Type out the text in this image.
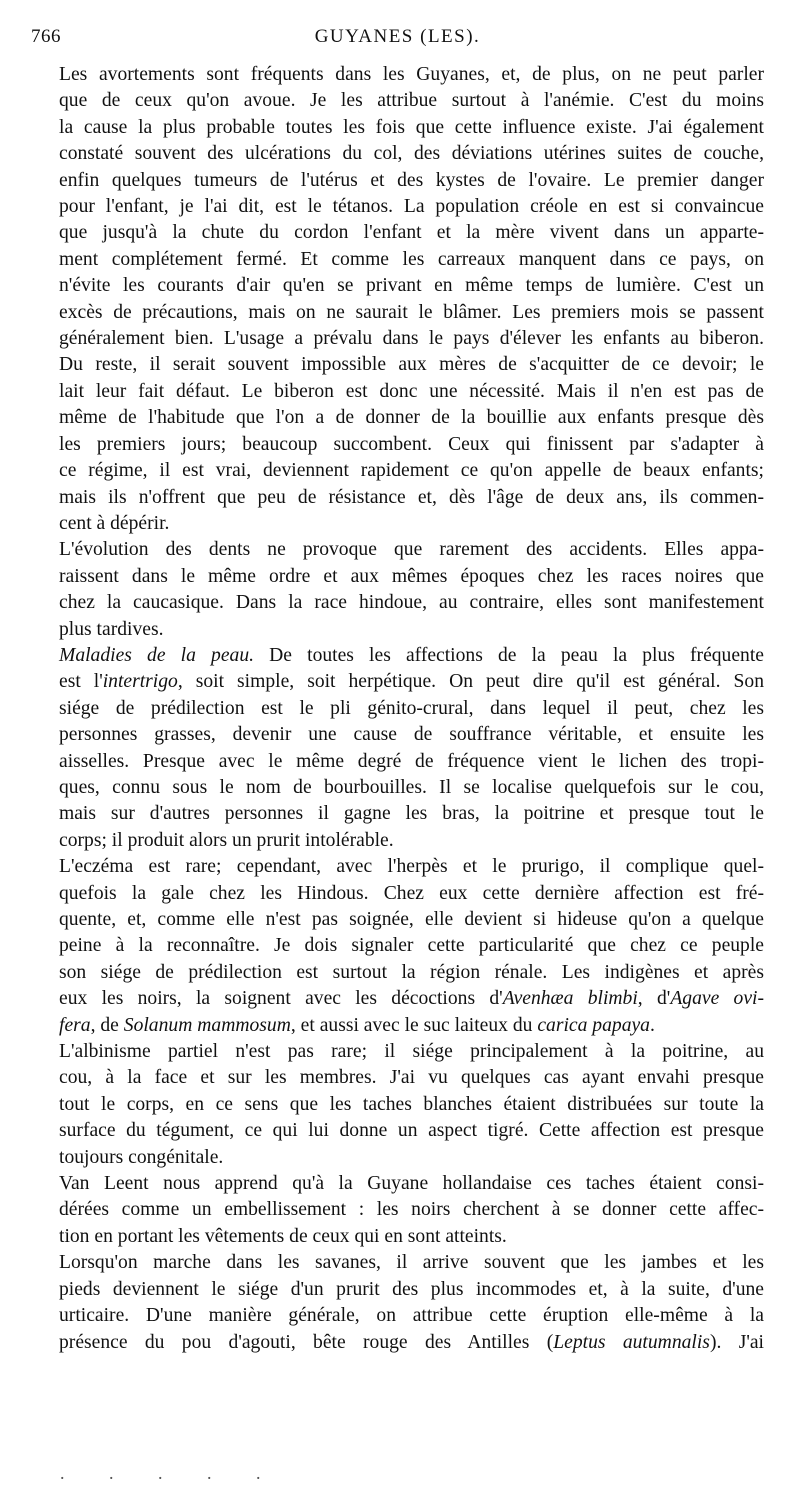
766	GUYANES (LES).
Les avortements sont fréquents dans les Guyanes, et, de plus, on ne peut parler
que de ceux qu'on avoue. Je les attribue surtout à l'anémie. C'est du moins
la cause la plus probable toutes les fois que cette influence existe. J'ai également
constaté souvent des ulcérations du col, des déviations utérines suites de couche,
enfin quelques tumeurs de l'utérus et des kystes de l'ovaire. Le premier danger
pour l'enfant, je l'ai dit, est le tétanos. La population créole en est si convaincue
que jusqu'à la chute du cordon l'enfant et la mère vivent dans un apparte-
ment complétement fermé. Et comme les carreaux manquent dans ce pays, on
n'évite les courants d'air qu'en se privant en même temps de lumière. C'est un
excès de précautions, mais on ne saurait le blâmer. Les premiers mois se passent
généralement bien. L'usage a prévalu dans le pays d'élever les enfants au biberon.
Du reste, il serait souvent impossible aux mères de s'acquitter de ce devoir; le
lait leur fait défaut. Le biberon est donc une nécessité. Mais il n'en est pas de
même de l'habitude que l'on a de donner de la bouillie aux enfants presque dès
les premiers jours; beaucoup succombent. Ceux qui finissent par s'adapter à
ce régime, il est vrai, deviennent rapidement ce qu'on appelle de beaux enfants;
mais ils n'offrent que peu de résistance et, dès l'âge de deux ans, ils commen-
cent à dépérir.
L'évolution des dents ne provoque que rarement des accidents. Elles appa-
raissent dans le même ordre et aux mêmes époques chez les races noires que
chez la caucasique. Dans la race hindoue, au contraire, elles sont manifestement
plus tardives.
Maladies de la peau. De toutes les affections de la peau la plus fréquente
est l'intertrigo, soit simple, soit herpétique. On peut dire qu'il est général. Son
siége de prédilection est le pli génito-crural, dans lequel il peut, chez les
personnes grasses, devenir une cause de souffrance véritable, et ensuite les
aisselles. Presque avec le même degré de fréquence vient le lichen des tropi-
ques, connu sous le nom de bourbouilles. Il se localise quelquefois sur le cou,
mais sur d'autres personnes il gagne les bras, la poitrine et presque tout le
corps; il produit alors un prurit intolérable.
L'eczéma est rare; cependant, avec l'herpès et le prurigo, il complique quel-
quefois la gale chez les Hindous. Chez eux cette dernière affection est fré-
quente, et, comme elle n'est pas soignée, elle devient si hideuse qu'on a quelque
peine à la reconnaître. Je dois signaler cette particularité que chez ce peuple
son siége de prédilection est surtout la région rénale. Les indigènes et après
eux les noirs, la soignent avec les décoctions d'Avenhæa blimbi, d'Agave ovi-
fera, de Solanum mammosum, et aussi avec le suc laiteux du carica papaya.
L'albinisme partiel n'est pas rare; il siége principalement à la poitrine, au
cou, à la face et sur les membres. J'ai vu quelques cas ayant envahi presque
tout le corps, en ce sens que les taches blanches étaient distribuées sur toute la
surface du tégument, ce qui lui donne un aspect tigré. Cette affection est presque
toujours congénitale.
Van Leent nous apprend qu'à la Guyane hollandaise ces taches étaient consi-
dérées comme un embellissement : les noirs cherchent à se donner cette affec-
tion en portant les vêtements de ceux qui en sont atteints.
Lorsqu'on marche dans les savanes, il arrive souvent que les jambes et les
pieds deviennent le siége d'un prurit des plus incommodes et, à la suite, d'une
urticaire. D'une manière générale, on attribue cette éruption elle-même à la
présence du pou d'agouti, bête rouge des Antilles (Leptus autumnalis). J'ai
. . . . .
